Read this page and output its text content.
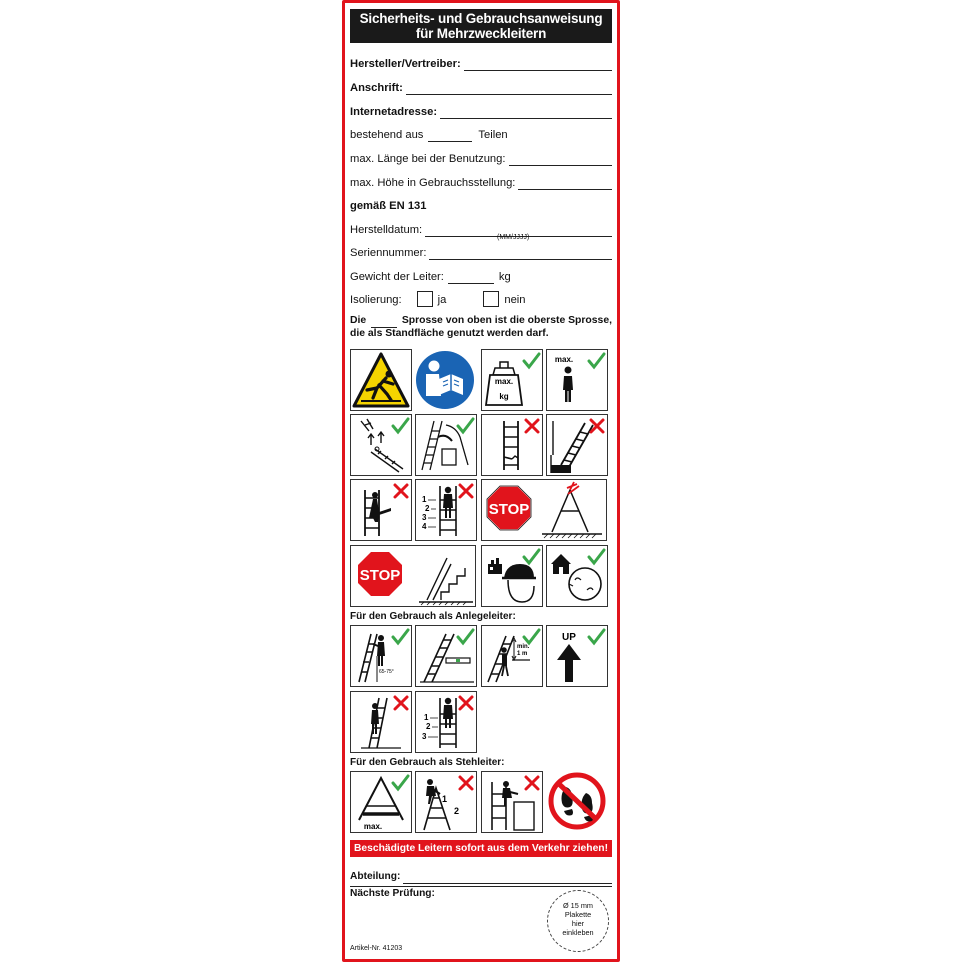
Sicherheits- und Gebrauchsanweisung
für Mehrzweckleitern
Hersteller/Vertreiber:
Anschrift:
Internetadresse:
bestehend aus	Teilen
max. Länge bei der Benutzung:
max. Höhe in Gebrauchsstellung:
gemäß EN 131
Herstelldatum:
(MM/JJJJ)
Seriennummer:
Gewicht der Leiter:	kg
Isolierung:	ja	nein
Die	Sprosse von oben ist die oberste Sprosse,
die als Standfläche genutzt werden darf.
max.
kg
max.
1
2
3
4
STOP
STOP
Für den Gebrauch als Anlegeleiter:
65-75°
min.
1 m
UP
1
2
3
Für den Gebrauch als Stehleiter:
max.
1
2
Beschädigte Leitern sofort aus dem Verkehr ziehen!
Abteilung:
Nächste Prüfung:
Ø 15 mm
Plakette
hier
einkleben
Artikel-Nr. 41203
